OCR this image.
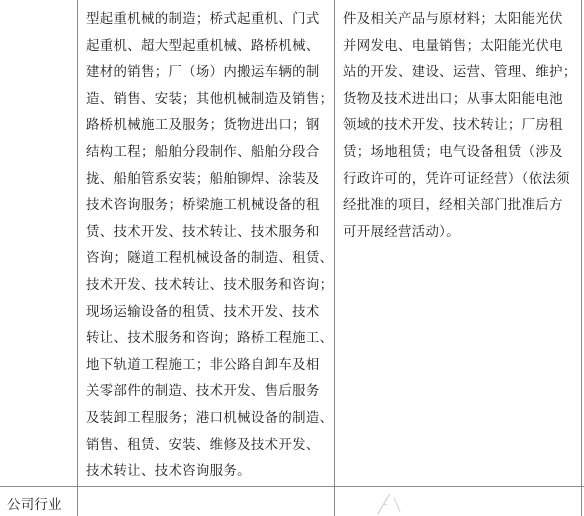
型起重机械的制造；桥式起重机、门式
起重机、超大型起重机械、路桥机械、
建材的销售；厂（场）内搬运车辆的制
造、销售、安装；其他机械制造及销售；
路桥机械施工及服务；货物进出口；钢
结构工程；船舶分段制作、船舶分段合
拢、船舶管系安装；船舶铆焊、涂装及
技术咨询服务；桥梁施工机械设备的租
赁、技术开发、技术转让、技术服务和
咨询；隧道工程机械设备的制造、租赁、
技术开发、技术转让、技术服务和咨询；
现场运输设备的租赁、技术开发、技术
转让、技术服务和咨询；路桥工程施工、
地下轨道工程施工；非公路自卸车及相
关零部件的制造、技术开发、售后服务
及装卸工程服务；港口机械设备的制造、
销售、租赁、安装、维修及技术开发、
技术转让、技术咨询服务。
件及相关产品与原材料；太阳能光伏
并网发电、电量销售；太阳能光伏电
站的开发、建设、运营、管理、维护；
货物及技术进出口；从事太阳能电池
领域的技术开发、技术转让；厂房租
赁；场地租赁；电气设备租赁（涉及
行政许可的，凭许可证经营）（依法须
经批准的项目，经相关部门批准后方
可开展经营活动）。
公司行业
